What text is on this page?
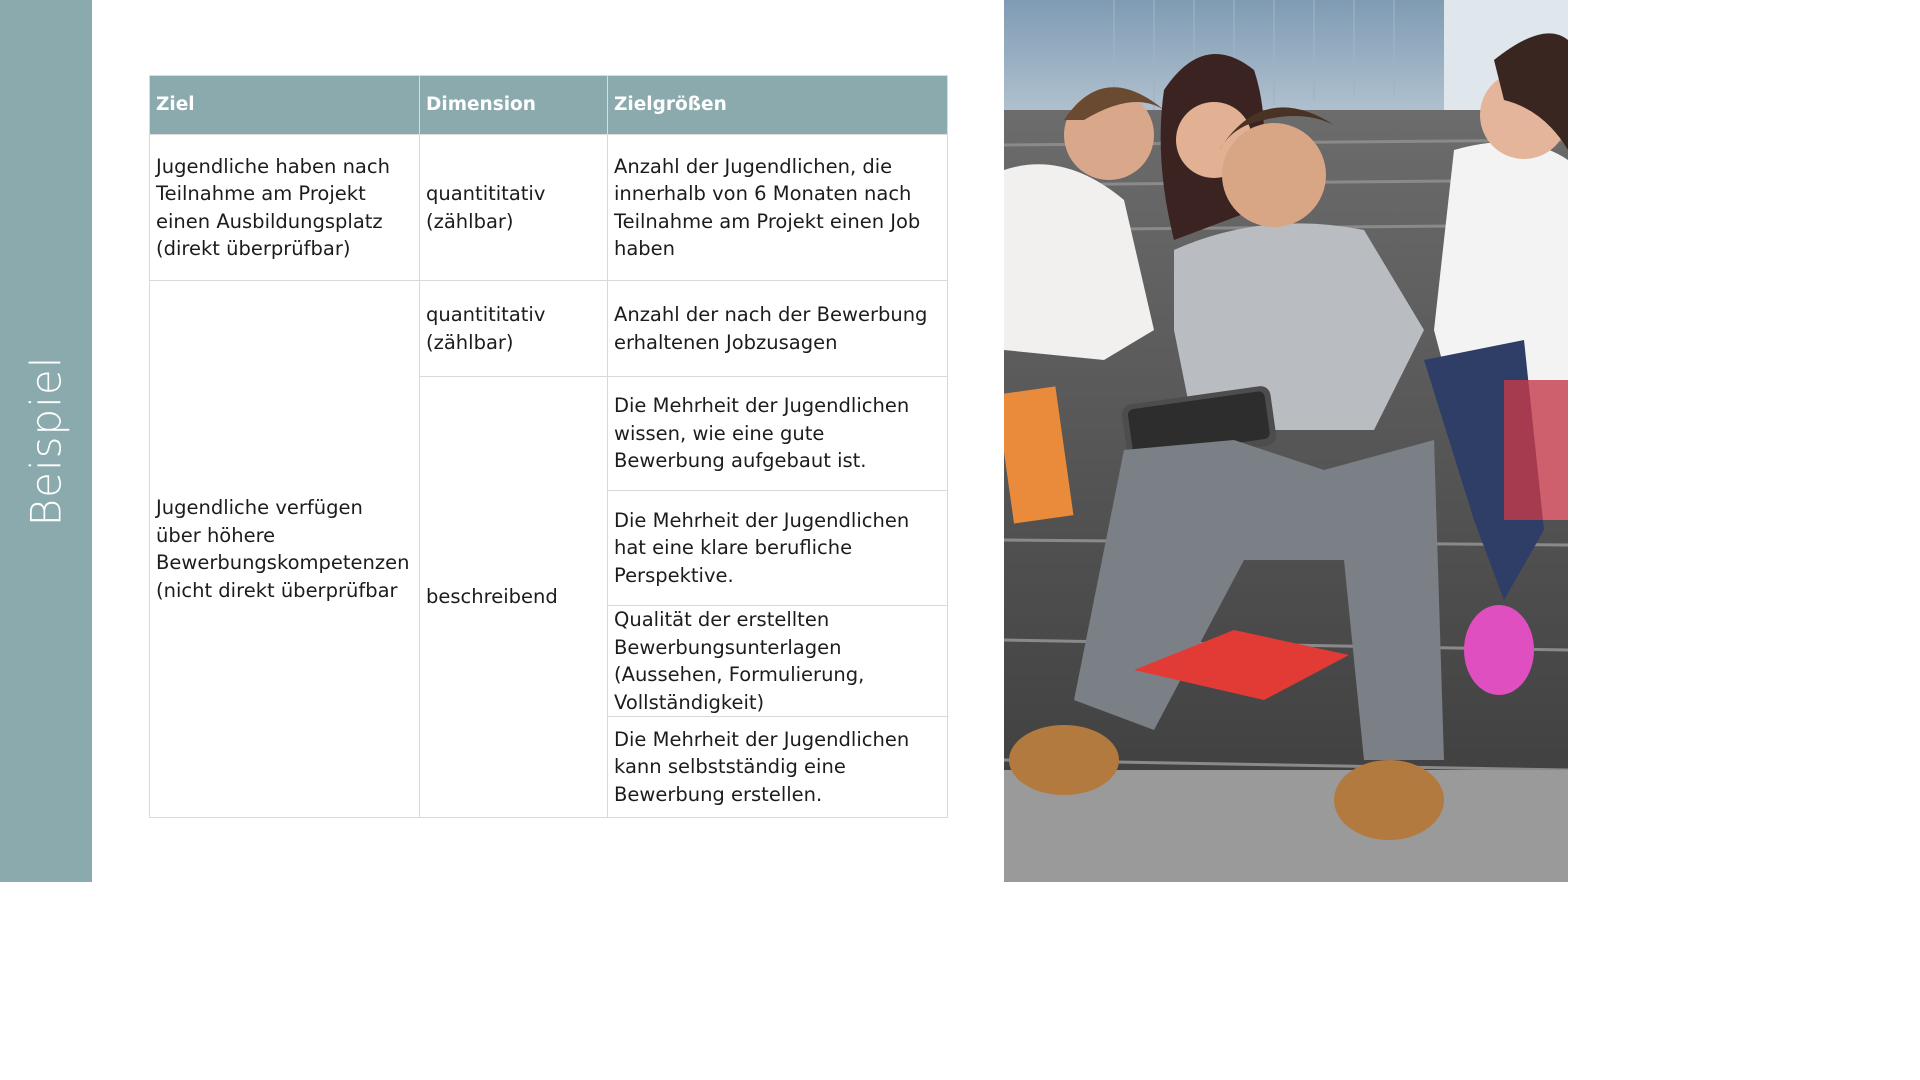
Beispiel
Ziel	Dimension	Zielgrößen
Jugendliche haben nach Teilnahme am Projekt einen Ausbildungsplatz (direkt überprüfbar)	quantititativ (zählbar)	Anzahl der Jugendlichen, die innerhalb von 6 Monaten nach Teilnahme am Projekt einen Job haben
Jugendliche verfügen über höhere Bewerbungskompetenzen (nicht direkt überprüfbar	quantititativ (zählbar)	Anzahl der nach der Bewerbung erhaltenen Jobzusagen
	beschreibend	Die Mehrheit der Jugendlichen wissen, wie eine gute Bewerbung aufgebaut ist.
		Die Mehrheit der Jugendlichen hat eine klare berufliche Perspektive.
		Qualität der erstellten Bewerbungsunterlagen (Aussehen, Formulierung, Vollständigkeit)
		Die Mehrheit der Jugendlichen kann selbstständig eine Bewerbung erstellen.
